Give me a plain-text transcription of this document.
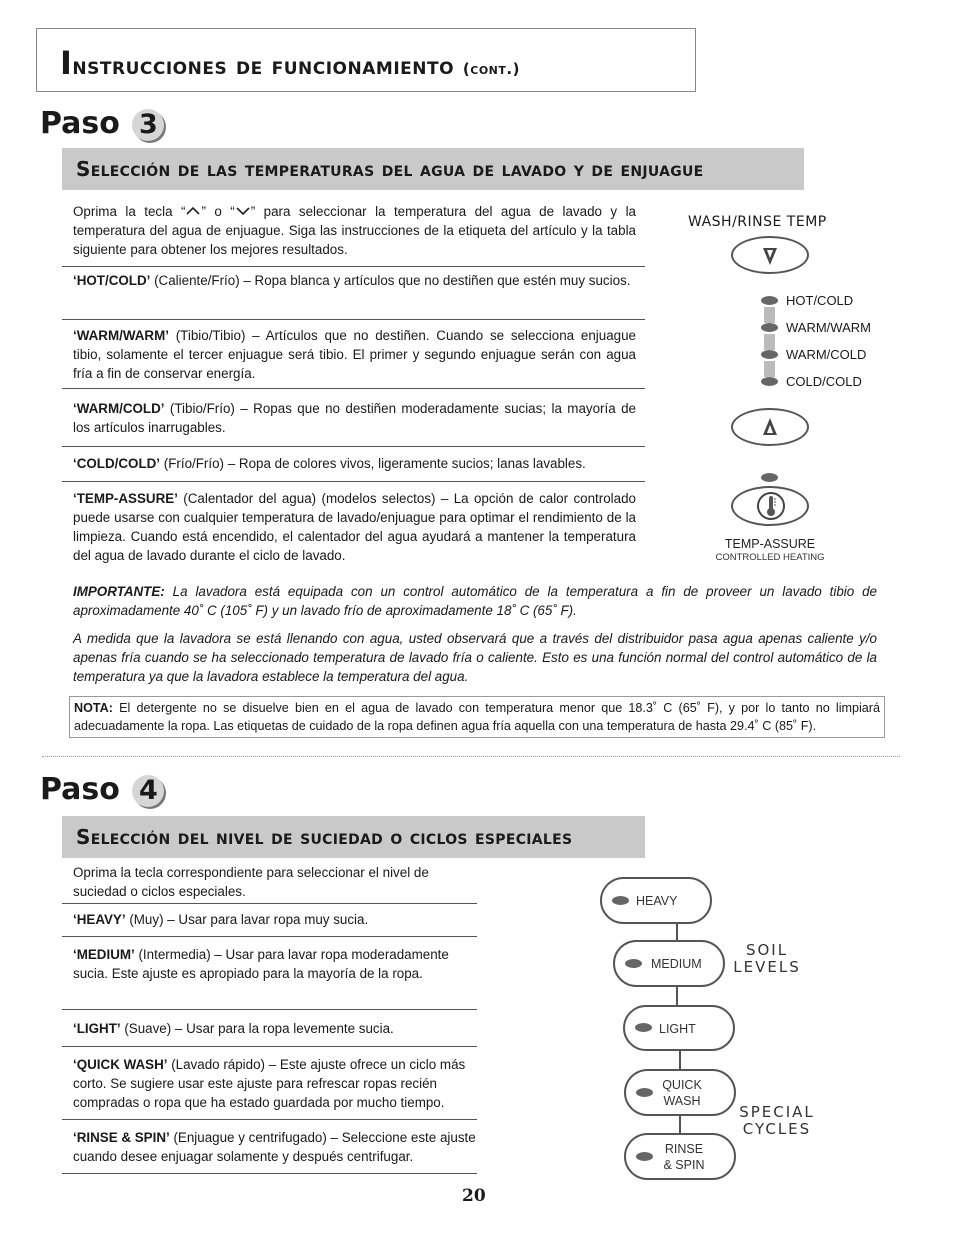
Instrucciones de funcionamiento (cont.)
Paso 3
Selección de las temperaturas del agua de lavado y de enjuague
Oprima la tecla “ ” o “ ” para seleccionar la temperatura del agua de lavado y la temperatura del agua de enjuague. Siga las instrucciones de la etiqueta del artículo y la tabla siguiente para obtener los mejores resultados.
‘HOT/COLD’ (Caliente/Frío) – Ropa blanca y artículos que no destiñen que estén muy sucios.
‘WARM/WARM’ (Tibio/Tibio) – Artículos que no destiñen. Cuando se selecciona enjuague tibio, solamente el tercer enjuague será tibio. El primer y segundo enjuague serán con agua fría a fin de conservar energía.
‘WARM/COLD’ (Tibio/Frío) – Ropas que no destiñen moderadamente sucias; la mayoría de los artículos inarrugables.
‘COLD/COLD’ (Frío/Frío) – Ropa de colores vivos, ligeramente sucios; lanas lavables.
‘TEMP-ASSURE’ (Calentador del agua) (modelos selectos) – La opción de calor controlado puede usarse con cualquier temperatura de lavado/enjuague para optimar el rendimiento de la limpieza. Cuando está encendido, el calentador del agua ayudará a mantener la temperatura del agua de lavado durante el ciclo de lavado.
IMPORTANTE: La lavadora está equipada con un control automático de la temperatura a fin de proveer un lavado tibio de aproximadamente 40˚ C (105˚ F) y un lavado frío de aproximadamente 18˚ C (65˚ F).
A medida que la lavadora se está llenando con agua, usted observará que a través del distribuidor pasa agua apenas caliente y/o apenas fría cuando se ha seleccionado temperatura de lavado fría o caliente. Esto es una función normal del control automático de la temperatura ya que la lavadora establece la temperatura del agua.
NOTA: El detergente no se disuelve bien en el agua de lavado con temperatura menor que 18.3˚ C (65˚ F), y por lo tanto no limpiará adecuadamente la ropa. Las etiquetas de cuidado de la ropa definen agua fría aquella con una temperatura de hasta 29.4˚ C (85˚ F).
WASH/RINSE TEMP
HOT/COLD
WARM/WARM
WARM/COLD
COLD/COLD
TEMP-ASSURE
CONTROLLED HEATING
Paso 4
Selección del nivel de suciedad o ciclos especiales
Oprima la tecla correspondiente para seleccionar el nivel de suciedad o ciclos especiales.
‘HEAVY’ (Muy) – Usar para lavar ropa muy sucia.
‘MEDIUM’ (Intermedia) – Usar para lavar ropa moderadamente sucia. Este ajuste es apropiado para la mayoría de la ropa.
‘LIGHT’ (Suave) – Usar para la ropa levemente sucia.
‘QUICK WASH’ (Lavado rápido) – Este ajuste ofrece un ciclo más corto. Se sugiere usar este ajuste para refrescar ropas recién compradas o ropa que ha estado guardada por mucho tiempo.
‘RINSE & SPIN’ (Enjuague y centrifugado) – Seleccione este ajuste cuando desee enjuagar solamente y después centrifugar.
HEAVY
MEDIUM
SOIL
LEVELS
LIGHT
QUICK
WASH
SPECIAL
CYCLES
RINSE
& SPIN
20
